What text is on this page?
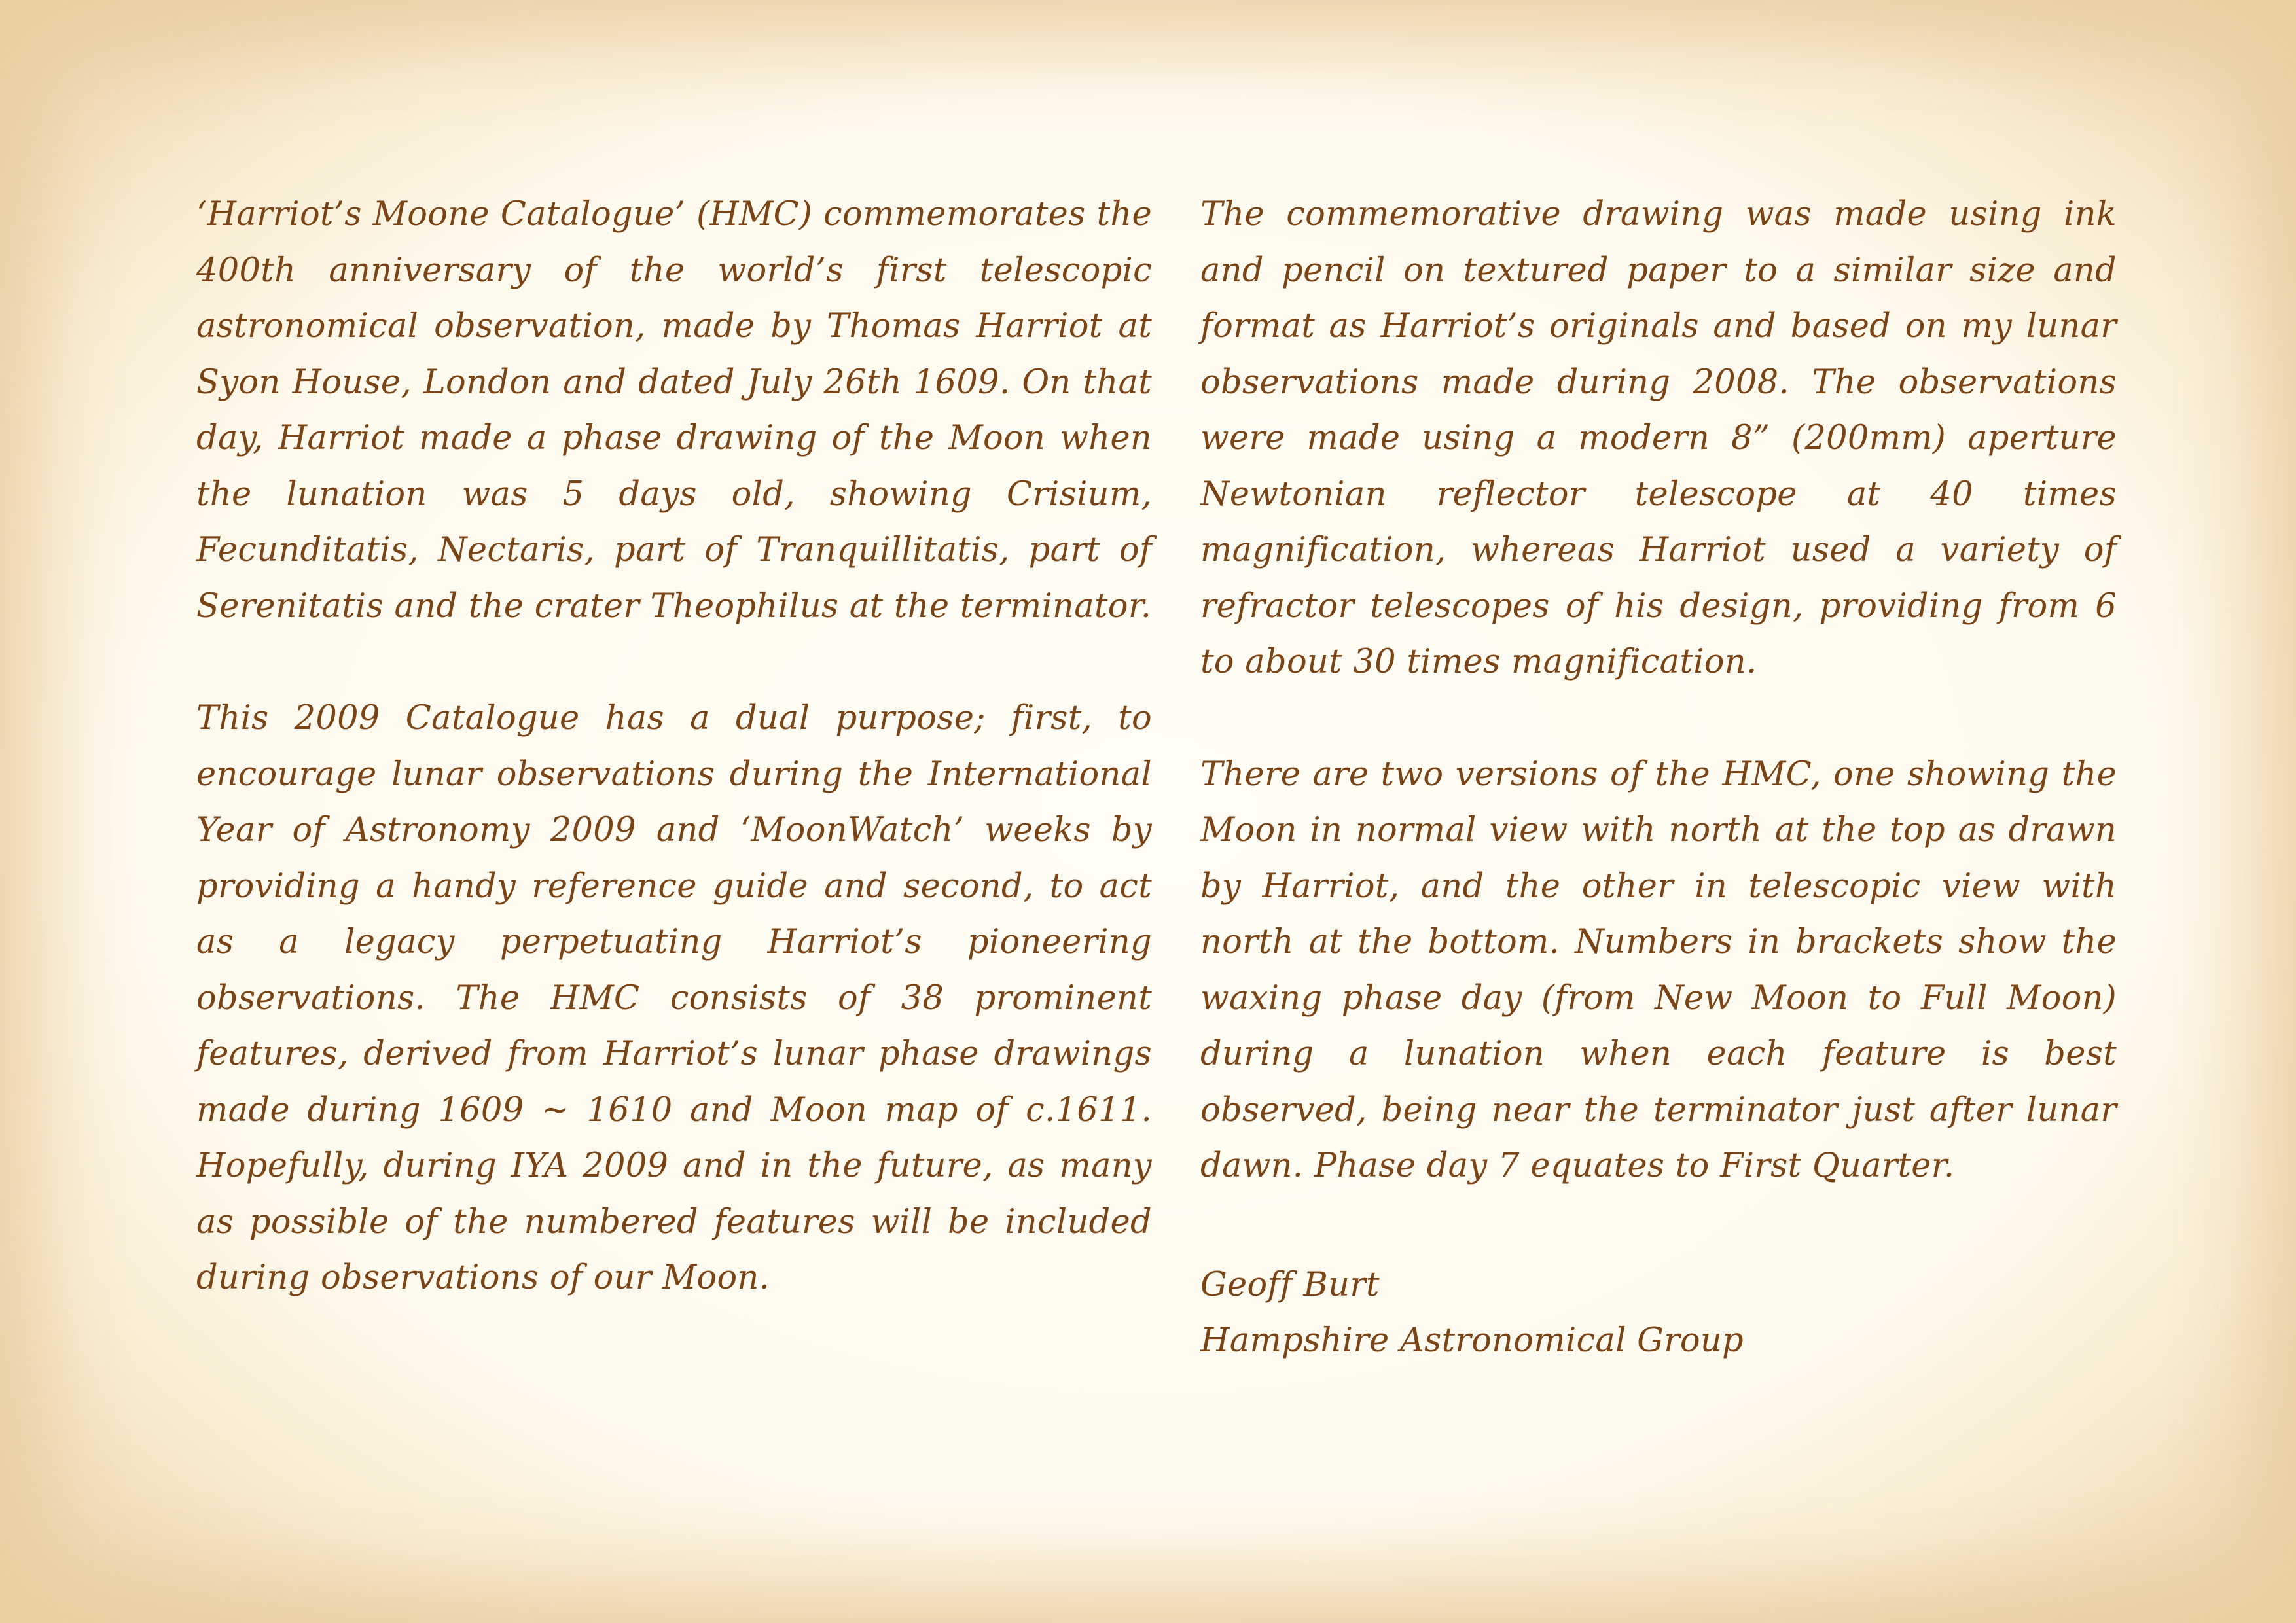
‘Harriot’s Moone Catalogue’ (HMC) commemorates the 400th anniversary of the world’s first telescopic astronomical observation, made by Thomas Harriot at Syon House, London and dated July 26th 1609. On that day, Harriot made a phase drawing of the Moon when the lunation was 5 days old, showing Crisium, Fecunditatis, Nectaris, part of Tranquillitatis, part of Serenitatis and the crater Theophilus at the terminator.

This 2009 Catalogue has a dual purpose; first, to encourage lunar observations during the International Year of Astronomy 2009 and ‘MoonWatch’ weeks by providing a handy reference guide and second, to act as a legacy perpetuating Harriot’s pioneering observations. The HMC consists of 38 prominent features, derived from Harriot’s lunar phase drawings made during 1609 ~ 1610 and Moon map of c.1611. Hopefully, during IYA 2009 and in the future, as many as possible of the numbered features will be included during observations of our Moon.

The commemorative drawing was made using ink and pencil on textured paper to a similar size and format as Harriot’s originals and based on my lunar observations made during 2008. The observations were made using a modern 8” (200mm) aperture Newtonian reflector telescope at 40 times magnification, whereas Harriot used a variety of refractor telescopes of his design, providing from 6 to about 30 times magnification.

There are two versions of the HMC, one showing the Moon in normal view with north at the top as drawn by Harriot, and the other in telescopic view with north at the bottom. Numbers in brackets show the waxing phase day (from New Moon to Full Moon) during a lunation when each feature is best observed, being near the terminator just after lunar dawn. Phase day 7 equates to First Quarter.

Geoff Burt
Hampshire Astronomical Group
